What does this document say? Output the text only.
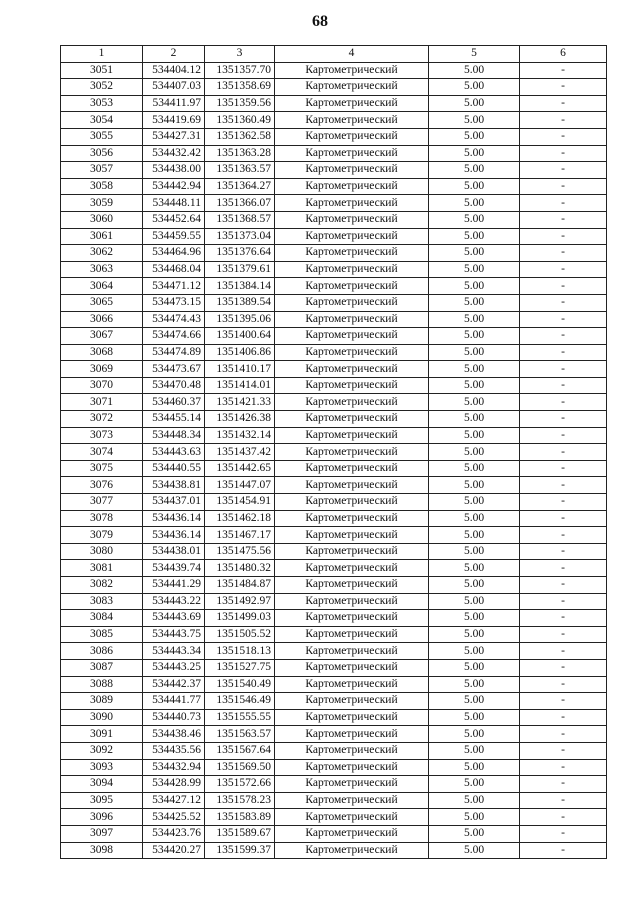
68
1	2	3	4	5	6
3051	534404.12	1351357.70	Картометрический	5.00	-
3052	534407.03	1351358.69	Картометрический	5.00	-
3053	534411.97	1351359.56	Картометрический	5.00	-
3054	534419.69	1351360.49	Картометрический	5.00	-
3055	534427.31	1351362.58	Картометрический	5.00	-
3056	534432.42	1351363.28	Картометрический	5.00	-
3057	534438.00	1351363.57	Картометрический	5.00	-
3058	534442.94	1351364.27	Картометрический	5.00	-
3059	534448.11	1351366.07	Картометрический	5.00	-
3060	534452.64	1351368.57	Картометрический	5.00	-
3061	534459.55	1351373.04	Картометрический	5.00	-
3062	534464.96	1351376.64	Картометрический	5.00	-
3063	534468.04	1351379.61	Картометрический	5.00	-
3064	534471.12	1351384.14	Картометрический	5.00	-
3065	534473.15	1351389.54	Картометрический	5.00	-
3066	534474.43	1351395.06	Картометрический	5.00	-
3067	534474.66	1351400.64	Картометрический	5.00	-
3068	534474.89	1351406.86	Картометрический	5.00	-
3069	534473.67	1351410.17	Картометрический	5.00	-
3070	534470.48	1351414.01	Картометрический	5.00	-
3071	534460.37	1351421.33	Картометрический	5.00	-
3072	534455.14	1351426.38	Картометрический	5.00	-
3073	534448.34	1351432.14	Картометрический	5.00	-
3074	534443.63	1351437.42	Картометрический	5.00	-
3075	534440.55	1351442.65	Картометрический	5.00	-
3076	534438.81	1351447.07	Картометрический	5.00	-
3077	534437.01	1351454.91	Картометрический	5.00	-
3078	534436.14	1351462.18	Картометрический	5.00	-
3079	534436.14	1351467.17	Картометрический	5.00	-
3080	534438.01	1351475.56	Картометрический	5.00	-
3081	534439.74	1351480.32	Картометрический	5.00	-
3082	534441.29	1351484.87	Картометрический	5.00	-
3083	534443.22	1351492.97	Картометрический	5.00	-
3084	534443.69	1351499.03	Картометрический	5.00	-
3085	534443.75	1351505.52	Картометрический	5.00	-
3086	534443.34	1351518.13	Картометрический	5.00	-
3087	534443.25	1351527.75	Картометрический	5.00	-
3088	534442.37	1351540.49	Картометрический	5.00	-
3089	534441.77	1351546.49	Картометрический	5.00	-
3090	534440.73	1351555.55	Картометрический	5.00	-
3091	534438.46	1351563.57	Картометрический	5.00	-
3092	534435.56	1351567.64	Картометрический	5.00	-
3093	534432.94	1351569.50	Картометрический	5.00	-
3094	534428.99	1351572.66	Картометрический	5.00	-
3095	534427.12	1351578.23	Картометрический	5.00	-
3096	534425.52	1351583.89	Картометрический	5.00	-
3097	534423.76	1351589.67	Картометрический	5.00	-
3098	534420.27	1351599.37	Картометрический	5.00	-
